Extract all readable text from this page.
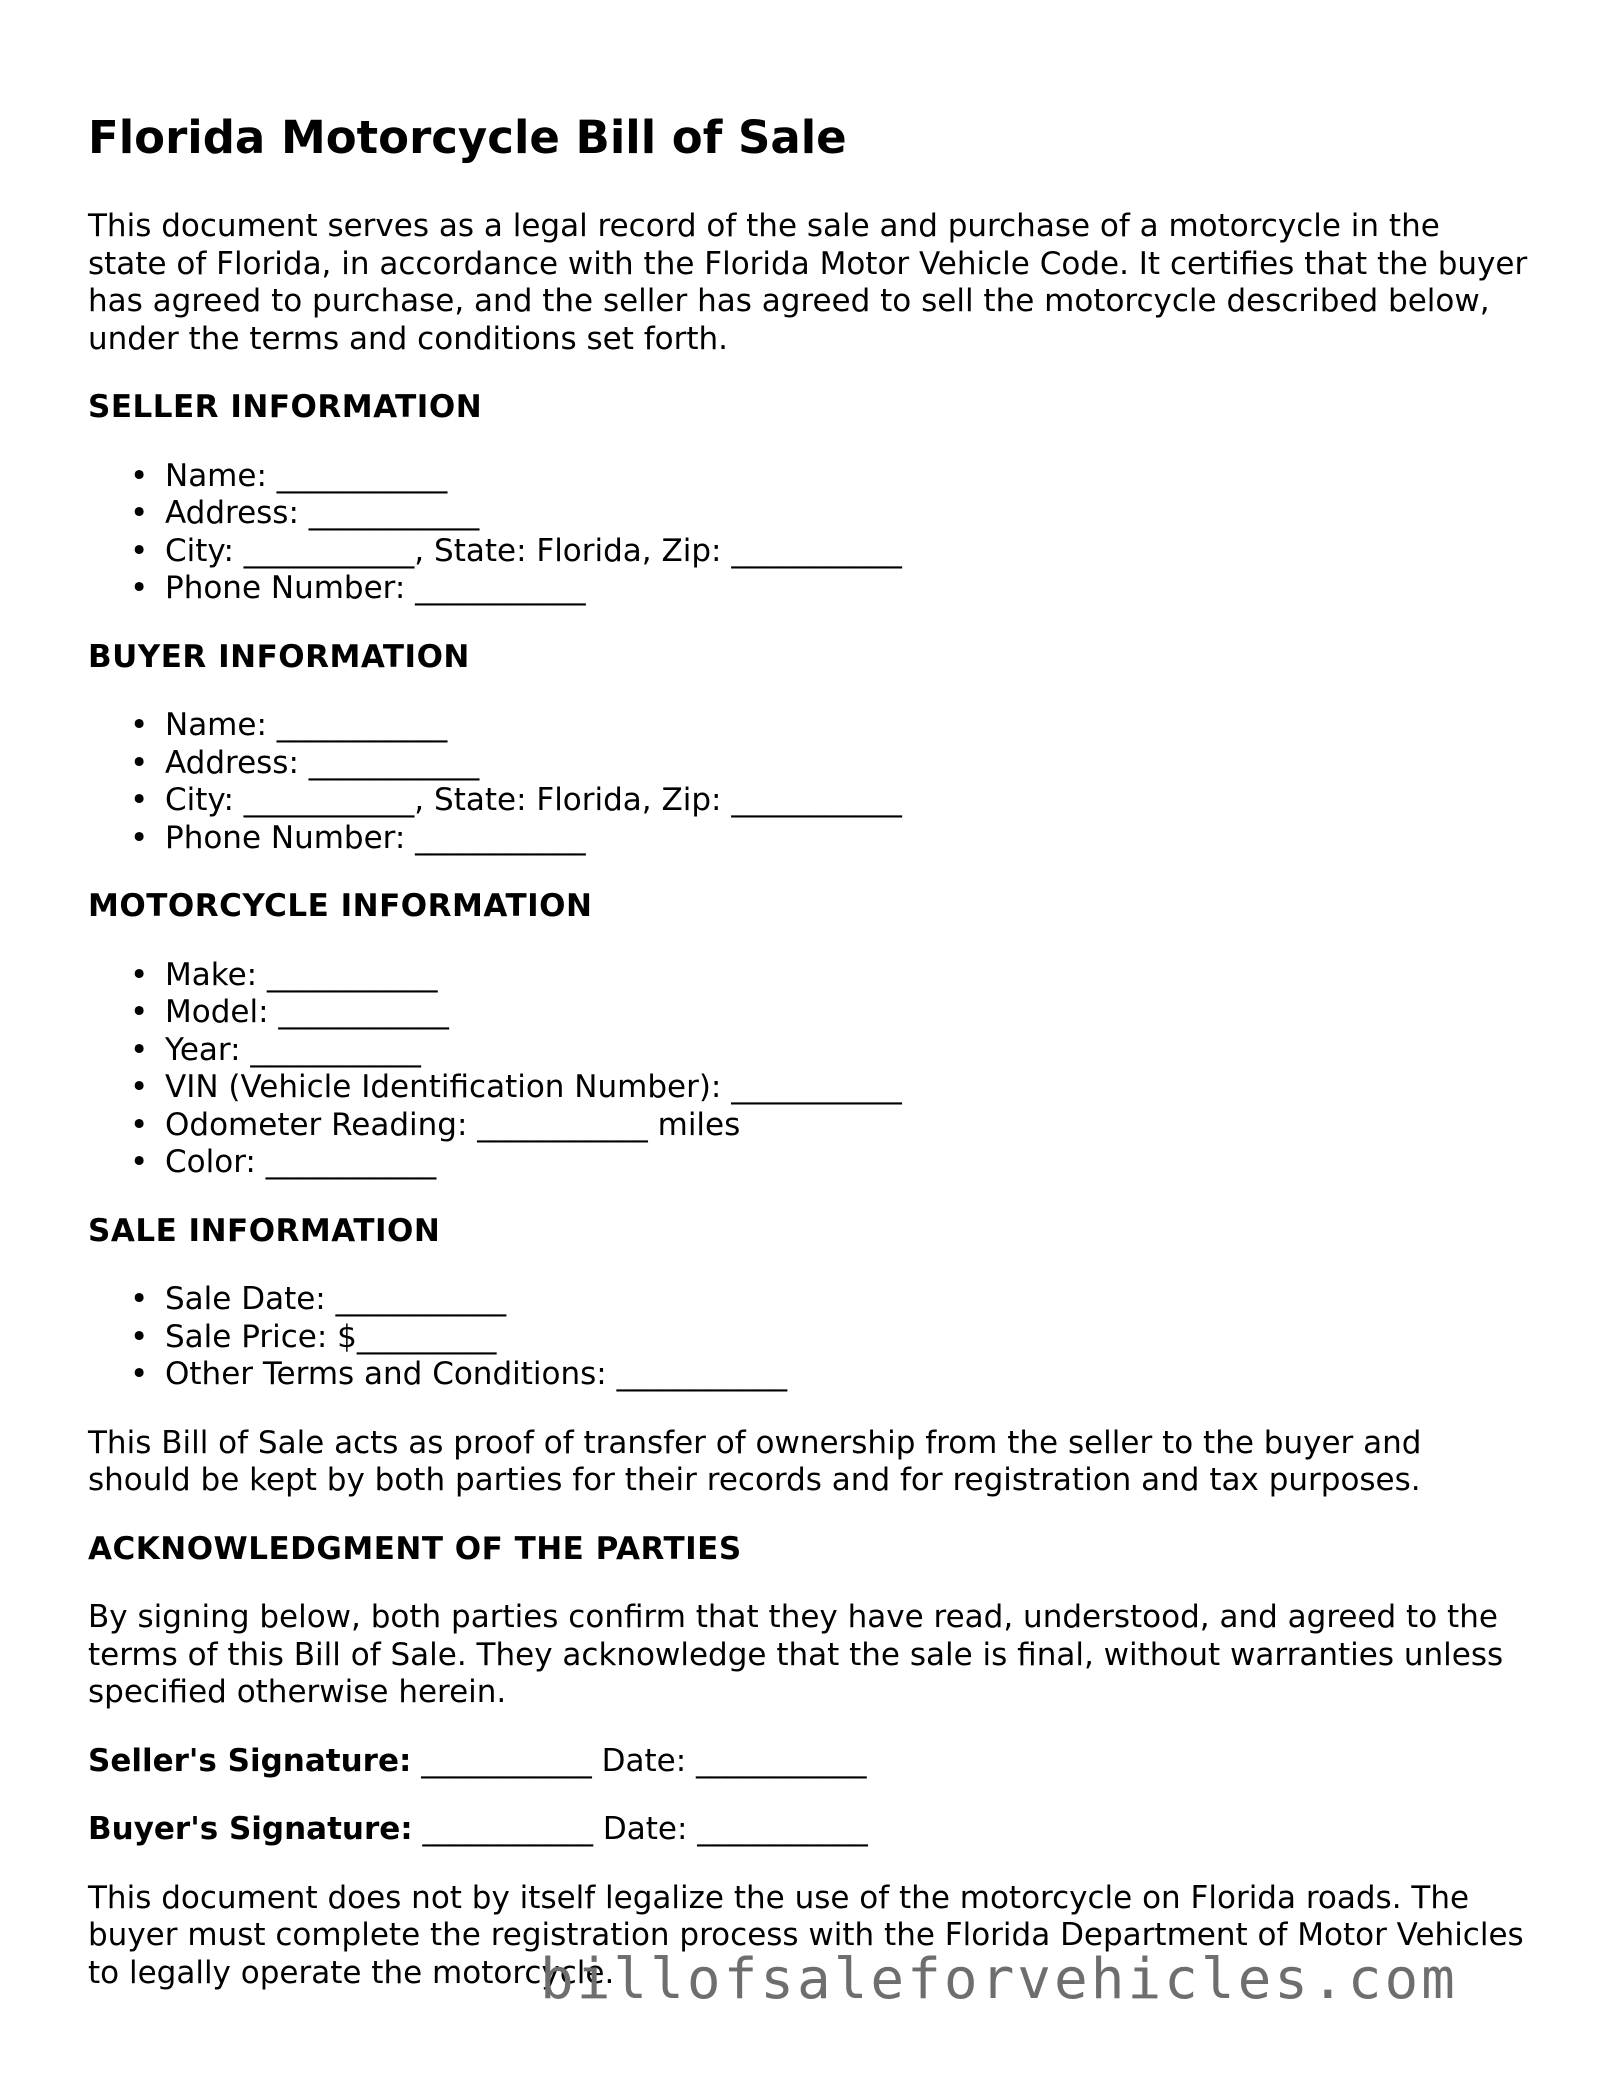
Florida Motorcycle Bill of Sale

This document serves as a legal record of the sale and purchase of a motorcycle in the state of Florida, in accordance with the Florida Motor Vehicle Code. It certifies that the buyer has agreed to purchase, and the seller has agreed to sell the motorcycle described below, under the terms and conditions set forth.

SELLER INFORMATION
• Name: ___________
• Address: ___________
• City: ___________, State: Florida, Zip: ___________
• Phone Number: ___________
BUYER INFORMATION
• Name: ___________
• Address: ___________
• City: ___________, State: Florida, Zip: ___________
• Phone Number: ___________
MOTORCYCLE INFORMATION
• Make: ___________
• Model: ___________
• Year: ___________
• VIN (Vehicle Identification Number): ___________
• Odometer Reading: ___________ miles
• Color: ___________
SALE INFORMATION
• Sale Date: ___________
• Sale Price: $_________
• Other Terms and Conditions: ___________

This Bill of Sale acts as proof of transfer of ownership from the seller to the buyer and should be kept by both parties for their records and for registration and tax purposes.

ACKNOWLEDGMENT OF THE PARTIES

By signing below, both parties confirm that they have read, understood, and agreed to the terms of this Bill of Sale. They acknowledge that the sale is final, without warranties unless specified otherwise herein.

Seller's Signature: ___________ Date: ___________

Buyer's Signature: ___________ Date: ___________

This document does not by itself legalize the use of the motorcycle on Florida roads. The buyer must complete the registration process with the Florida Department of Motor Vehicles to legally operate the motorcycle.

billofsaleforvehicles.com
